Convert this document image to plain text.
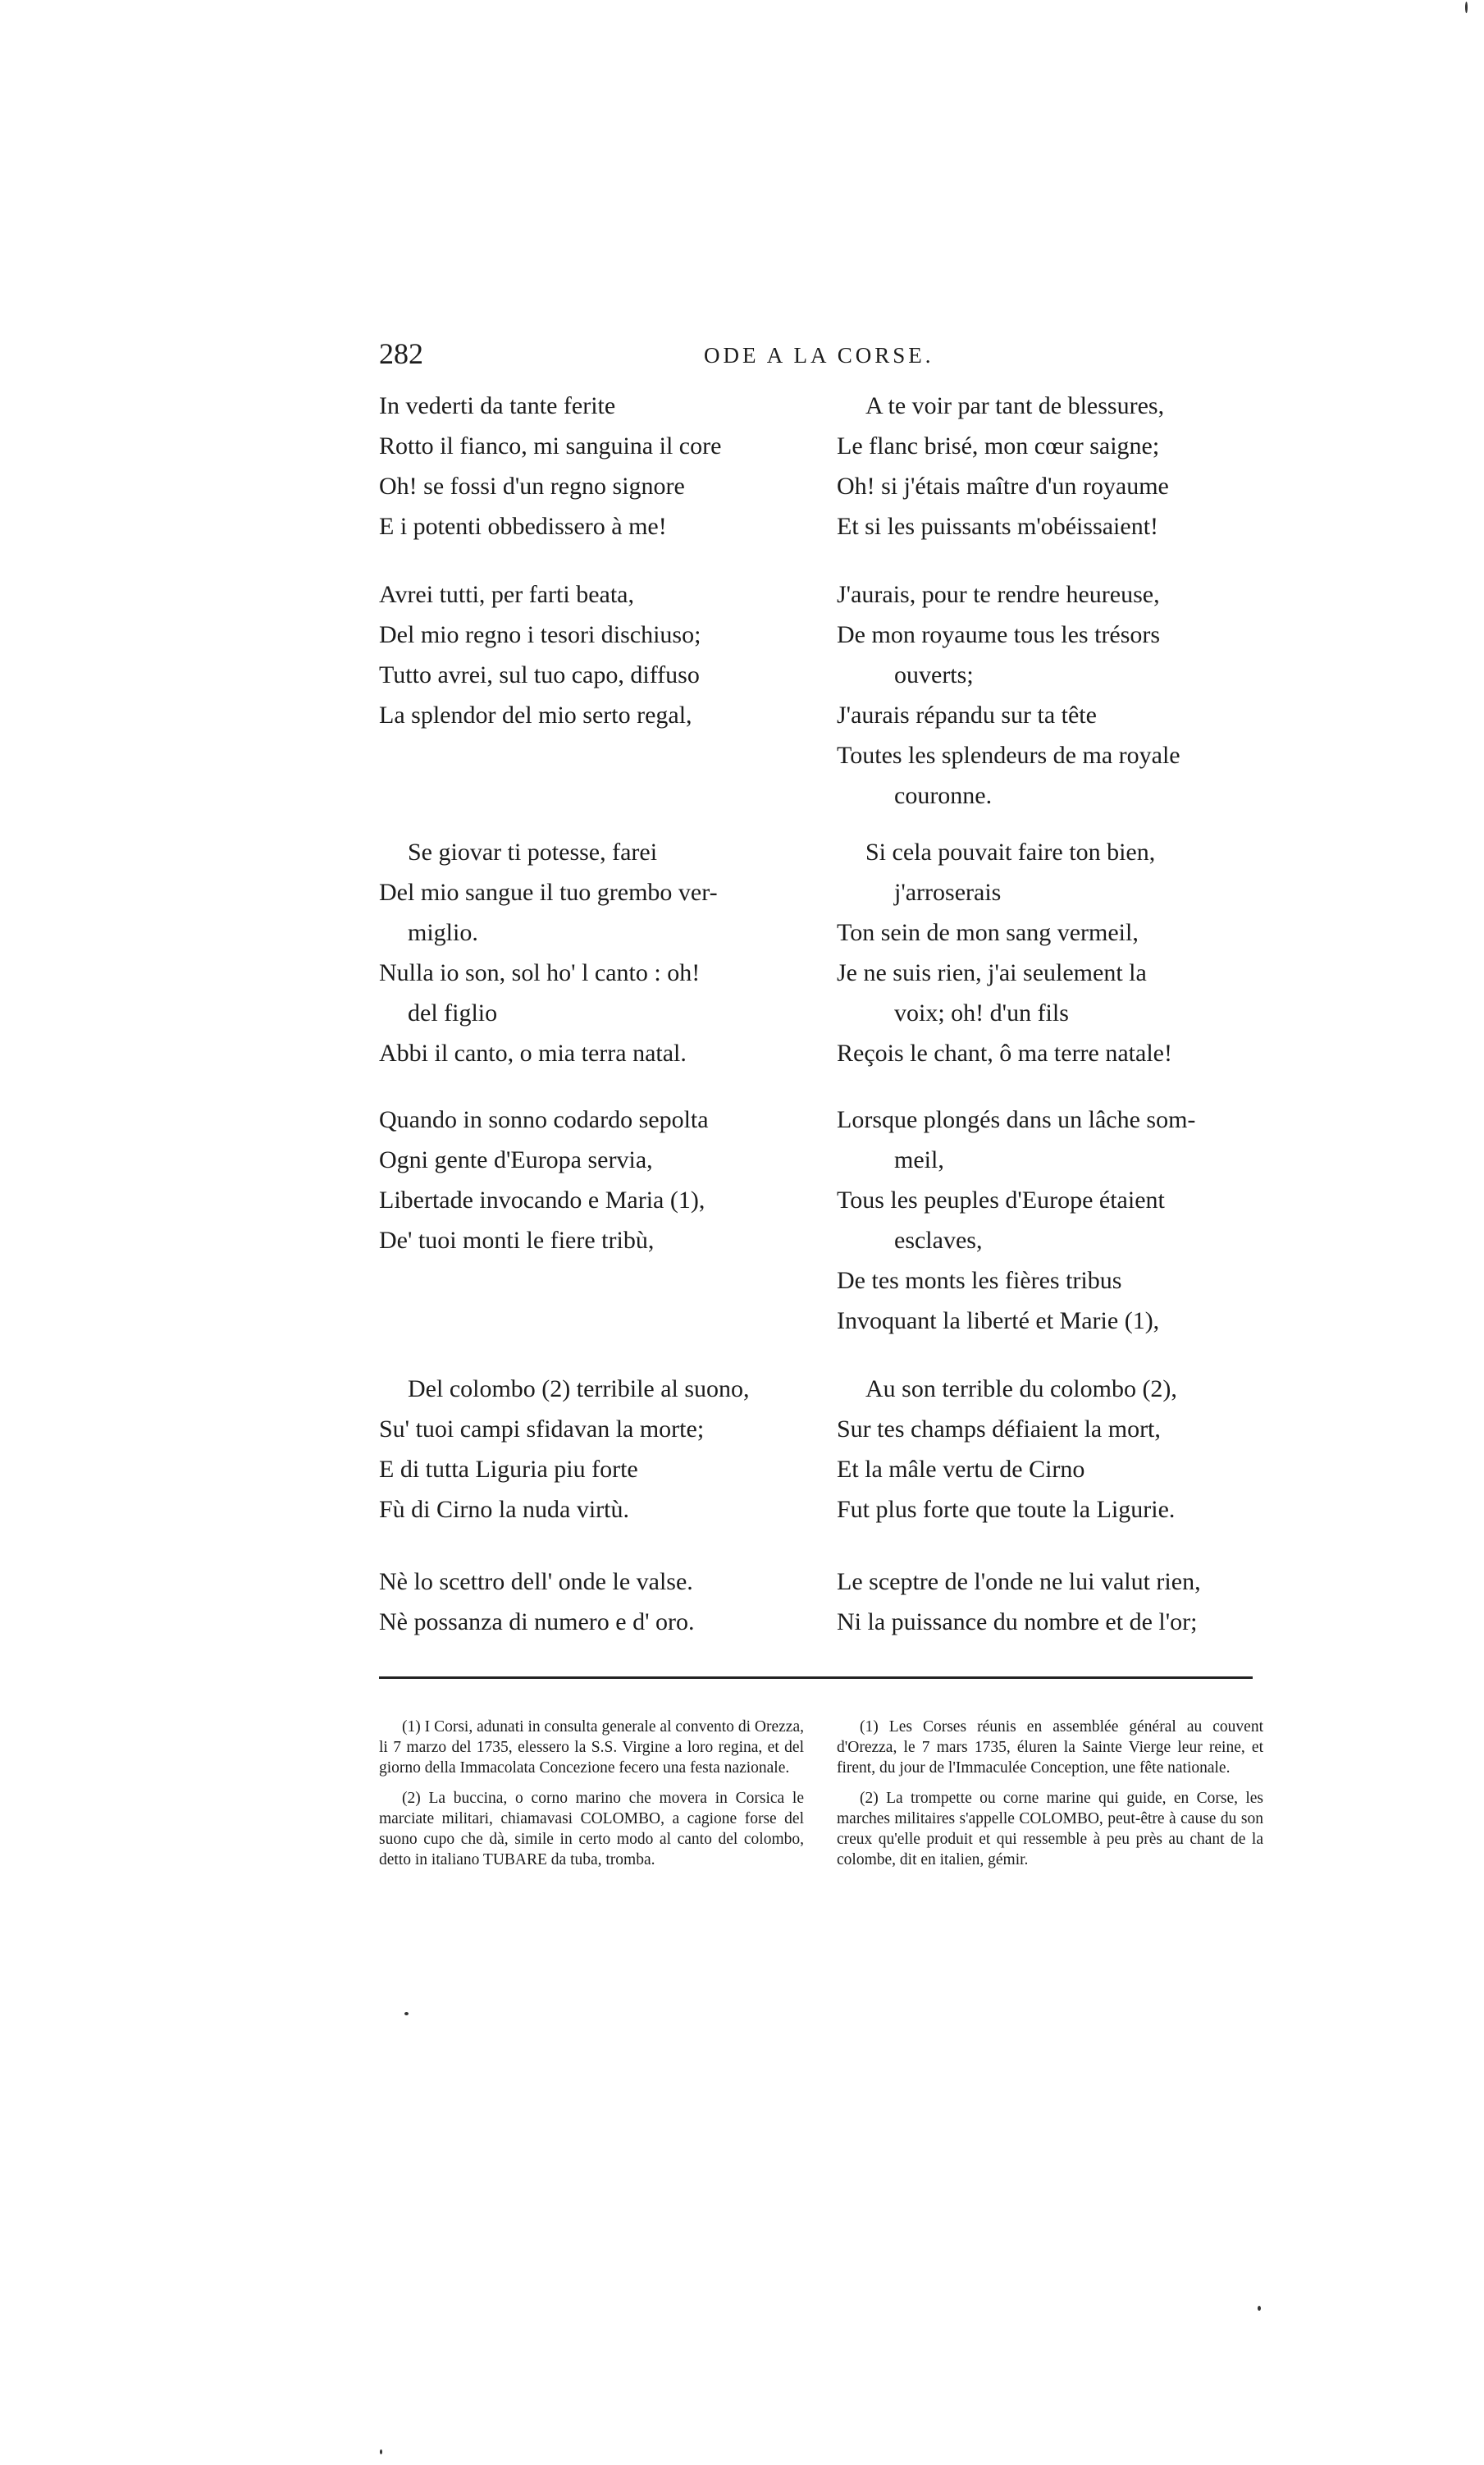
282	ODE A LA CORSE.
In vederti da tante ferite
Rotto il fianco, mi sanguina il core
Oh! se fossi d'un regno signore
E i potenti obbedissero à me!
Avrei tutti, per farti beata,
Del mio regno i tesori dischiuso;
Tutto avrei, sul tuo capo, diffuso
La splendor del mio serto regal,
Se giovar ti potesse, farei
Del mio sangue il tuo grembo ver-
miglio.
Nulla io son, sol ho' l canto : oh!
del figlio
Abbi il canto, o mia terra natal.
Quando in sonno codardo sepolta
Ogni gente d'Europa servia,
Libertade invocando e Maria (1),
De' tuoi monti le fiere tribù,
Del colombo (2) terribile al suono,
Su' tuoi campi sfidavan la morte;
E di tutta Liguria piu forte
Fù di Cirno la nuda virtù.
Nè lo scettro dell' onde le valse.
Nè possanza di numero e d' oro.
A te voir par tant de blessures,
Le flanc brisé, mon cœur saigne;
Oh! si j'étais maître d'un royaume
Et si les puissants m'obéissaient!
J'aurais, pour te rendre heureuse,
De mon royaume tous les trésors
ouverts;
J'aurais répandu sur ta tête
Toutes les splendeurs de ma royale
couronne.
Si cela pouvait faire ton bien,
j'arroserais
Ton sein de mon sang vermeil,
Je ne suis rien, j'ai seulement la
voix; oh! d'un fils
Reçois le chant, ô ma terre natale!
Lorsque plongés dans un lâche som-
meil,
Tous les peuples d'Europe étaient
esclaves,
De tes monts les fières tribus
Invoquant la liberté et Marie (1),
Au son terrible du colombo (2),
Sur tes champs défiaient la mort,
Et la mâle vertu de Cirno
Fut plus forte que toute la Ligurie.
Le sceptre de l'onde ne lui valut rien,
Ni la puissance du nombre et de l'or;

(1) I Corsi, adunati in consulta generale al convento di Orezza, li 7 marzo del 1735, elessero la S.S. Virgine a loro regina, et del giorno della Immacolata Concezione fecero una festa nazionale.

(2) La buccina, o corno marino che movera in Corsica le marciate militari, chiamavasi COLOMBO, a cagione forse del suono cupo che dà, simile in certo modo al canto del colombo, detto in italiano TUBARE da tuba, tromba.

(1) Les Corses réunis en assemblée général au couvent d'Orezza, le 7 mars 1735, éluren la Sainte Vierge leur reine, et firent, du jour de l'Immaculée Conception, une fête nationale.

(2) La trompette ou corne marine qui guide, en Corse, les marches militaires s'appelle COLOMBO, peut-être à cause du son creux qu'elle produit et qui ressemble à peu près au chant de la colombe, dit en italien, gémir.
